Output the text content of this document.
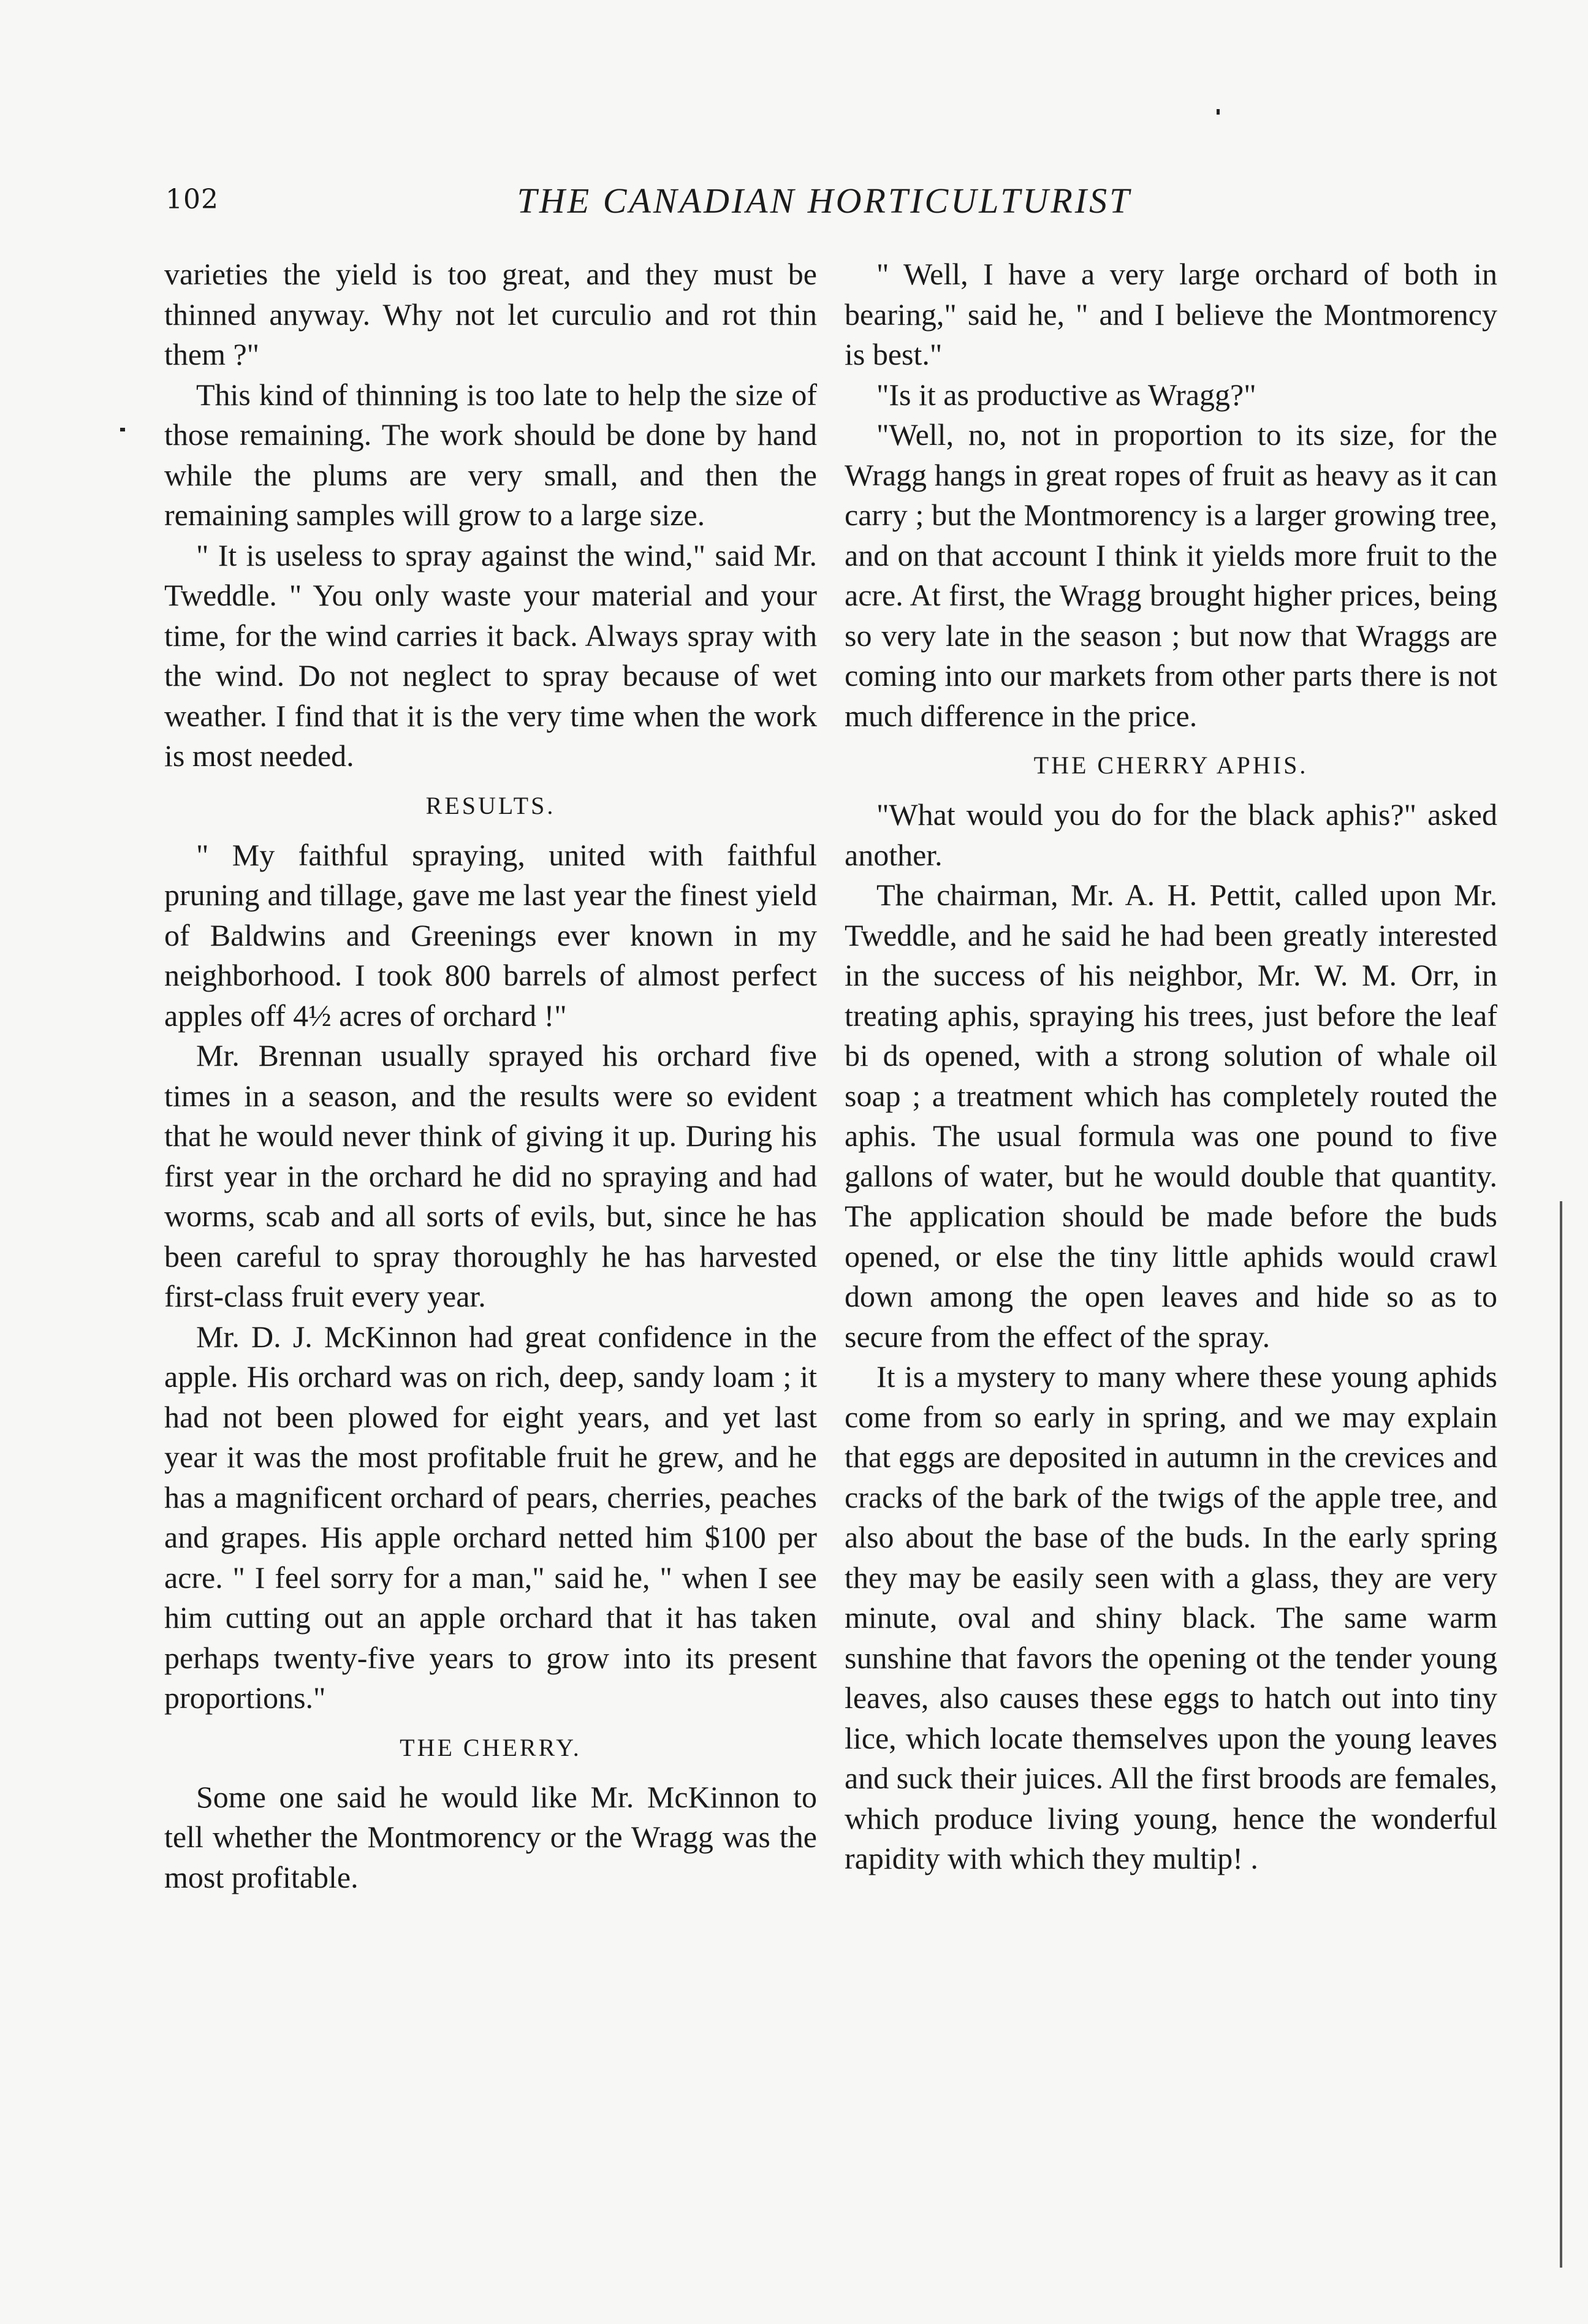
102	THE CANADIAN HORTICULTURIST

varieties the yield is too great, and they must be thinned anyway. Why not let curculio and rot thin them ?"

This kind of thinning is too late to help the size of those remaining. The work should be done by hand while the plums are very small, and then the remaining samples will grow to a large size.

" It is useless to spray against the wind," said Mr. Tweddle. " You only waste your material and your time, for the wind carries it back. Always spray with the wind. Do not neglect to spray because of wet weather. I find that it is the very time when the work is most needed.

RESULTS.

" My faithful spraying, united with faithful pruning and tillage, gave me last year the finest yield of Baldwins and Greenings ever known in my neighborhood. I took 800 barrels of almost perfect apples off 4½ acres of orchard !"

Mr. Brennan usually sprayed his orchard five times in a season, and the results were so evident that he would never think of giving it up. During his first year in the orchard he did no spraying and had worms, scab and all sorts of evils, but, since he has been careful to spray thoroughly he has harvested first-class fruit every year.

Mr. D. J. McKinnon had great confidence in the apple. His orchard was on rich, deep, sandy loam ; it had not been plowed for eight years, and yet last year it was the most profitable fruit he grew, and he has a magnificent orchard of pears, cherries, peaches and grapes. His apple orchard netted him $100 per acre. " I feel sorry for a man," said he, " when I see him cutting out an apple orchard that it has taken perhaps twenty-five years to grow into its present proportions."

THE CHERRY.

Some one said he would like Mr. McKinnon to tell whether the Montmorency or the Wragg was the most profitable.

" Well, I have a very large orchard of both in bearing," said he, " and I believe the Montmorency is best."

"Is it as productive as Wragg?"

"Well, no, not in proportion to its size, for the Wragg hangs in great ropes of fruit as heavy as it can carry ; but the Montmorency is a larger growing tree, and on that account I think it yields more fruit to the acre. At first, the Wragg brought higher prices, being so very late in the season ; but now that Wraggs are coming into our markets from other parts there is not much difference in the price.

THE CHERRY APHIS.

"What would you do for the black aphis?" asked another.

The chairman, Mr. A. H. Pettit, called upon Mr. Tweddle, and he said he had been greatly interested in the success of his neighbor, Mr. W. M. Orr, in treating aphis, spraying his trees, just before the leaf bi ds opened, with a strong solution of whale oil soap ; a treatment which has completely routed the aphis. The usual formula was one pound to five gallons of water, but he would double that quantity. The application should be made before the buds opened, or else the tiny little aphids would crawl down among the open leaves and hide so as to secure from the effect of the spray.

It is a mystery to many where these young aphids come from so early in spring, and we may explain that eggs are deposited in autumn in the crevices and cracks of the bark of the twigs of the apple tree, and also about the base of the buds. In the early spring they may be easily seen with a glass, they are very minute, oval and shiny black. The same warm sunshine that favors the opening ot the tender young leaves, also causes these eggs to hatch out into tiny lice, which locate themselves upon the young leaves and suck their juices. All the first broods are females, which produce living young, hence the wonderful rapidity with which they multip! .
